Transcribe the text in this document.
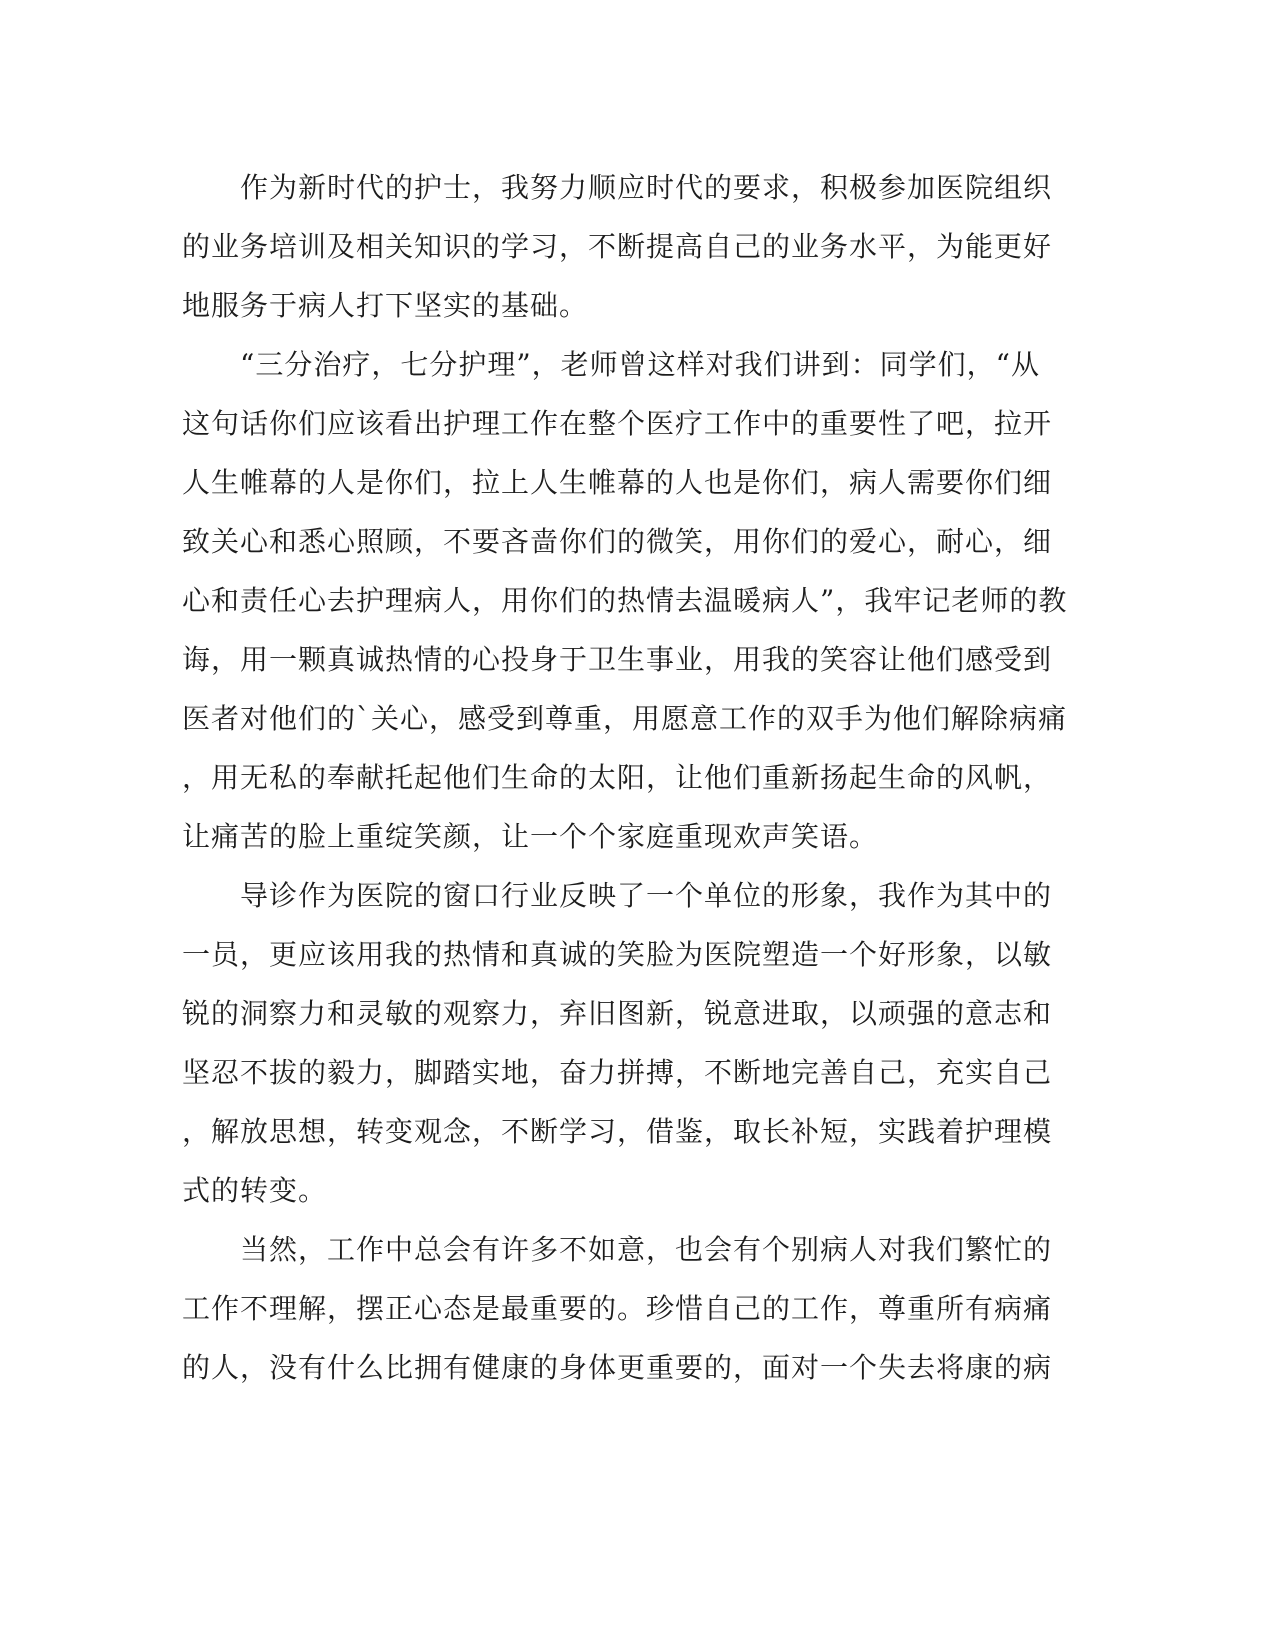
　　作为新时代的护士，我努力顺应时代的要求，积极参加医院组织
的业务培训及相关知识的学习，不断提高自己的业务水平，为能更好
地服务于病人打下坚实的基础。
　　“三分治疗，七分护理”，老师曾这样对我们讲到：同学们，“从
这句话你们应该看出护理工作在整个医疗工作中的重要性了吧，拉开
人生帷幕的人是你们，拉上人生帷幕的人也是你们，病人需要你们细
致关心和悉心照顾，不要吝啬你们的微笑，用你们的爱心，耐心，细
心和责任心去护理病人，用你们的热情去温暖病人”，我牢记老师的教
诲，用一颗真诚热情的心投身于卫生事业，用我的笑容让他们感受到
医者对他们的`关心，感受到尊重，用愿意工作的双手为他们解除病痛
，用无私的奉献托起他们生命的太阳，让他们重新扬起生命的风帆，
让痛苦的脸上重绽笑颜，让一个个家庭重现欢声笑语。
　　导诊作为医院的窗口行业反映了一个单位的形象，我作为其中的
一员，更应该用我的热情和真诚的笑脸为医院塑造一个好形象，以敏
锐的洞察力和灵敏的观察力，弃旧图新，锐意进取，以顽强的意志和
坚忍不拔的毅力，脚踏实地，奋力拼搏，不断地完善自己，充实自己
，解放思想，转变观念，不断学习，借鉴，取长补短，实践着护理模
式的转变。
　　当然，工作中总会有许多不如意，也会有个别病人对我们繁忙的
工作不理解，摆正心态是最重要的。珍惜自己的工作，尊重所有病痛
的人，没有什么比拥有健康的身体更重要的，面对一个失去将康的病
